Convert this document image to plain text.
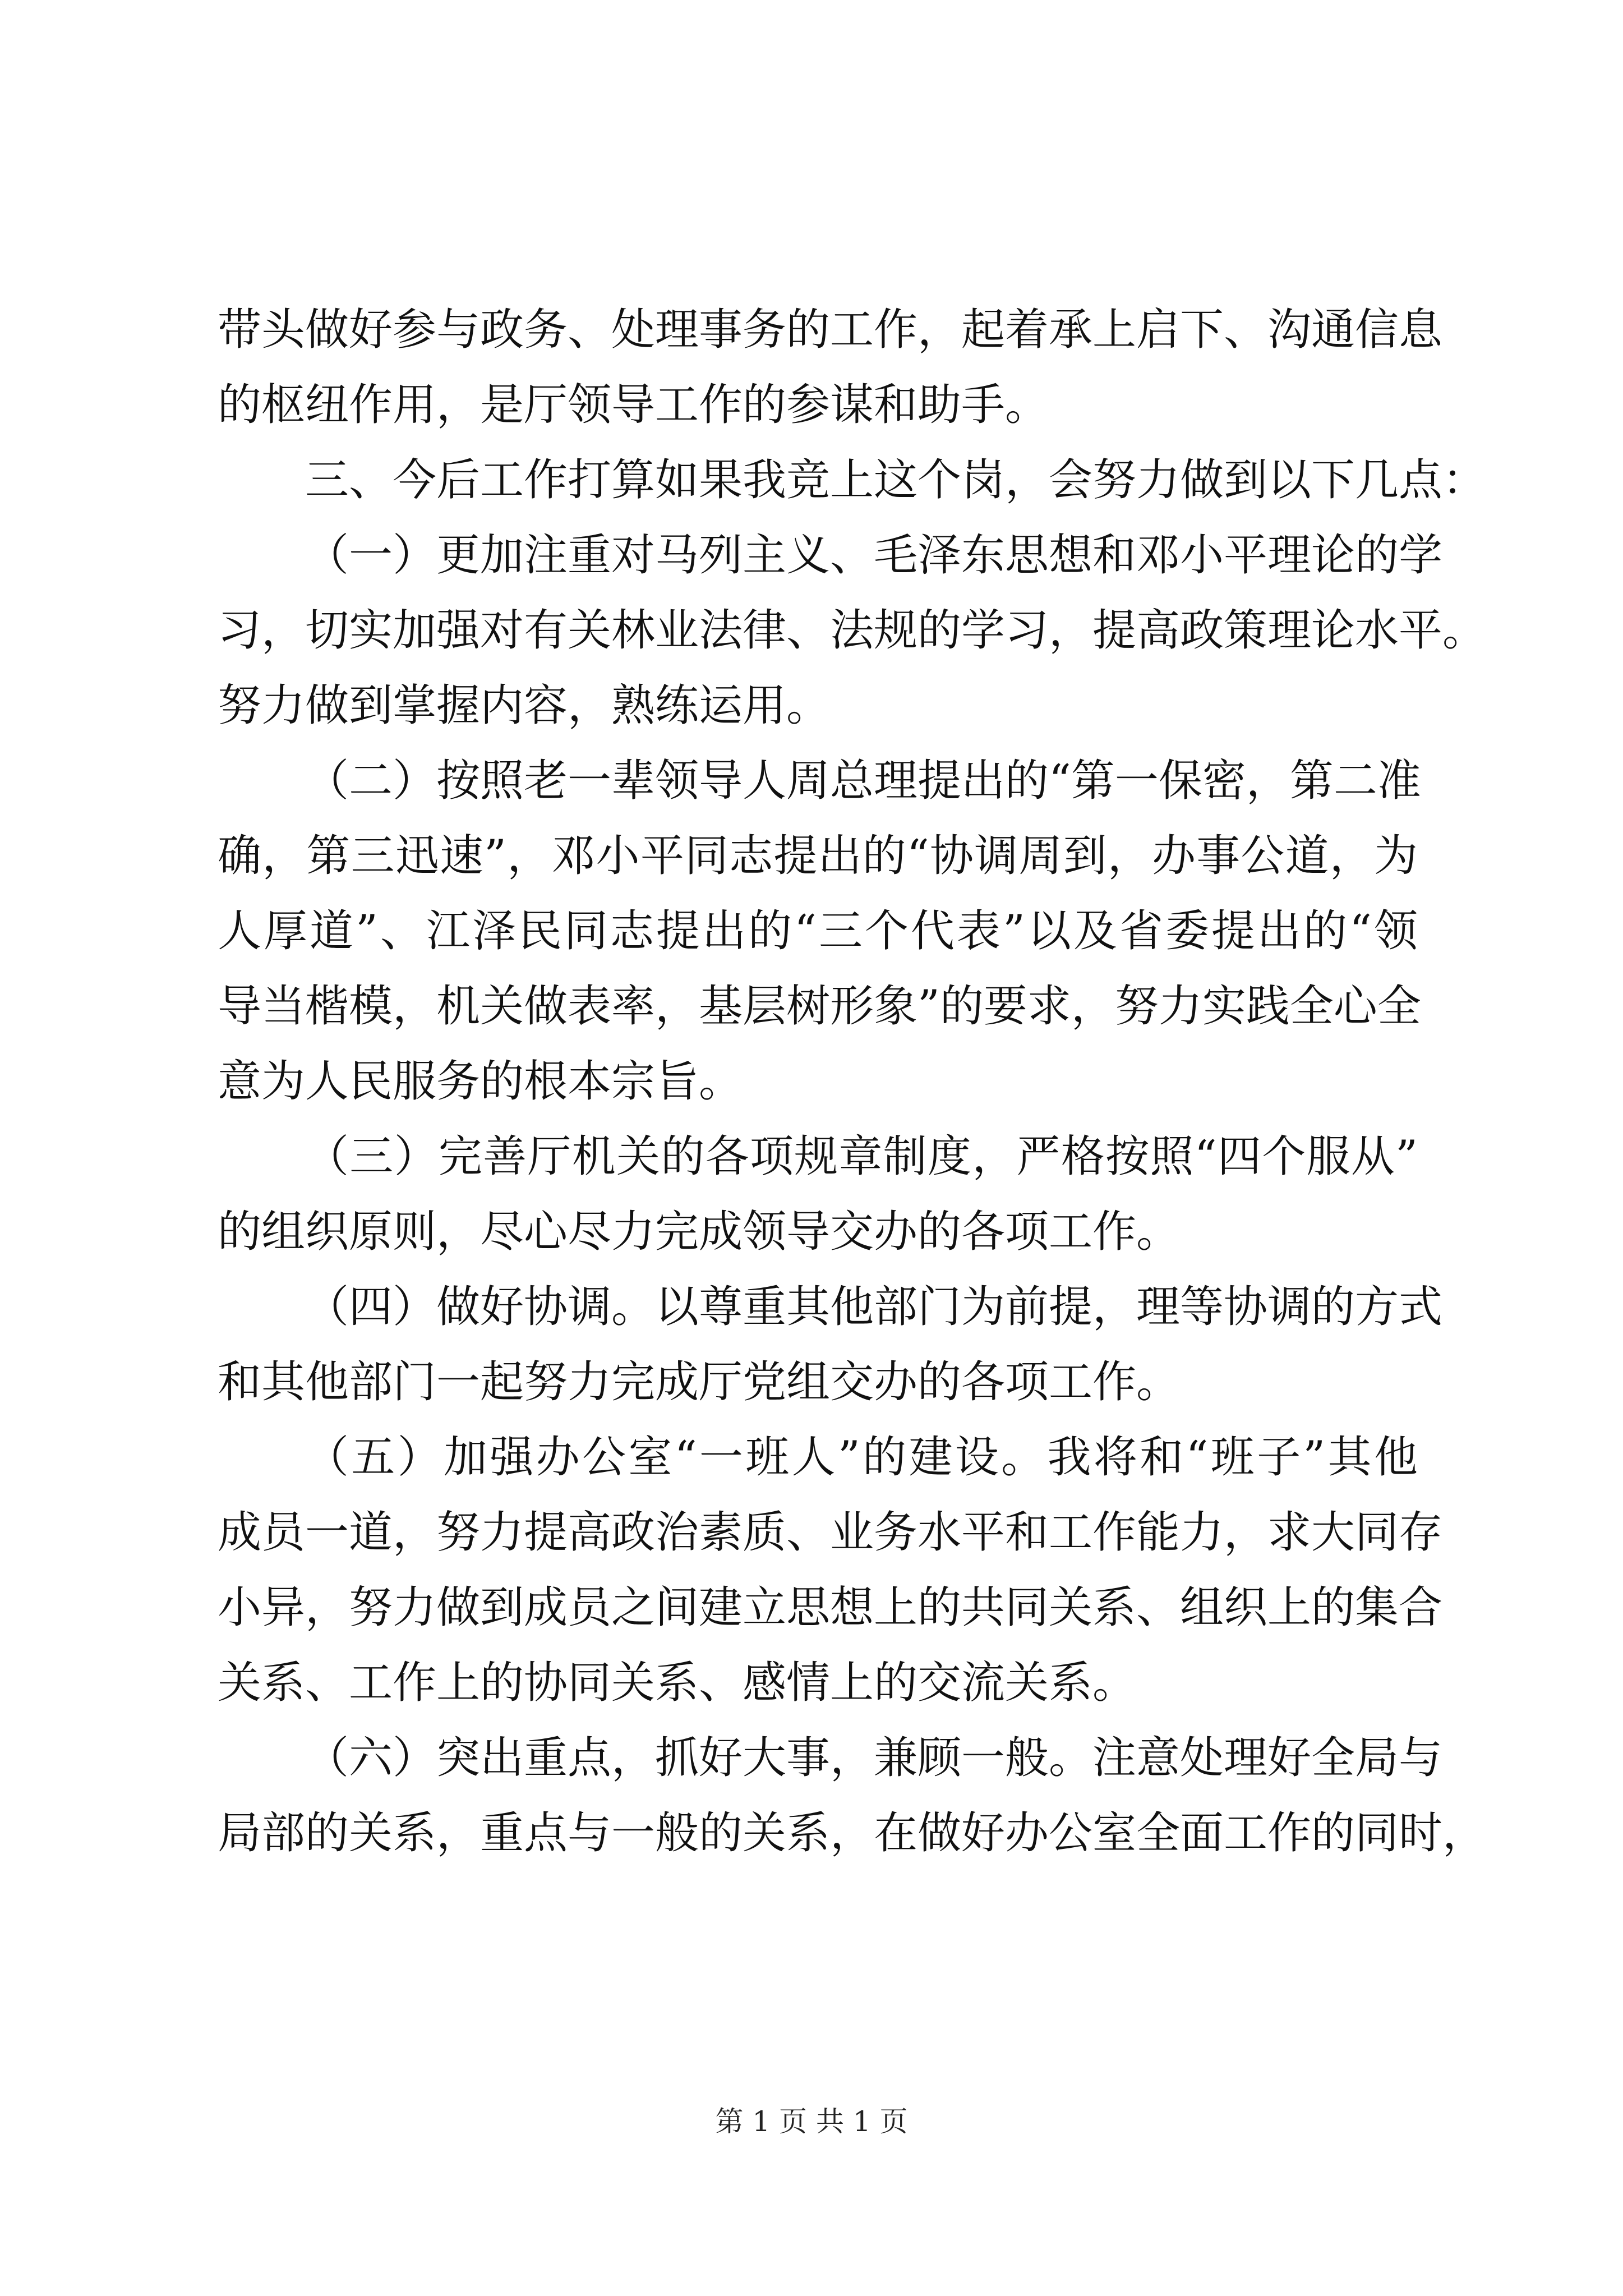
带头做好参与政务、处理事务的工作，起着承上启下、沟通信息
的枢纽作用，是厅领导工作的参谋和助手。
三、今后工作打算如果我竞上这个岗，会努力做到以下几点：
（一）更加注重对马列主义、毛泽东思想和邓小平理论的学
习，切实加强对有关林业法律、法规的学习，提高政策理论水平。
努力做到掌握内容，熟练运用。
（二）按照老一辈领导人周总理提出的“第一保密，第二准
确，第三迅速”，邓小平同志提出的“协调周到，办事公道，为
人厚道”、江泽民同志提出的“三个代表”以及省委提出的“领
导当楷模，机关做表率，基层树形象”的要求，努力实践全心全
意为人民服务的根本宗旨。
（三）完善厅机关的各项规章制度，严格按照“四个服从”
的组织原则，尽心尽力完成领导交办的各项工作。
（四）做好协调。以尊重其他部门为前提，理等协调的方式
和其他部门一起努力完成厅党组交办的各项工作。
（五）加强办公室“一班人”的建设。我将和“班子”其他
成员一道，努力提高政治素质、业务水平和工作能力，求大同存
小异，努力做到成员之间建立思想上的共同关系、组织上的集合
关系、工作上的协同关系、感情上的交流关系。
（六）突出重点，抓好大事，兼顾一般。注意处理好全局与
局部的关系，重点与一般的关系，在做好办公室全面工作的同时，
第 1 页 共 1 页
